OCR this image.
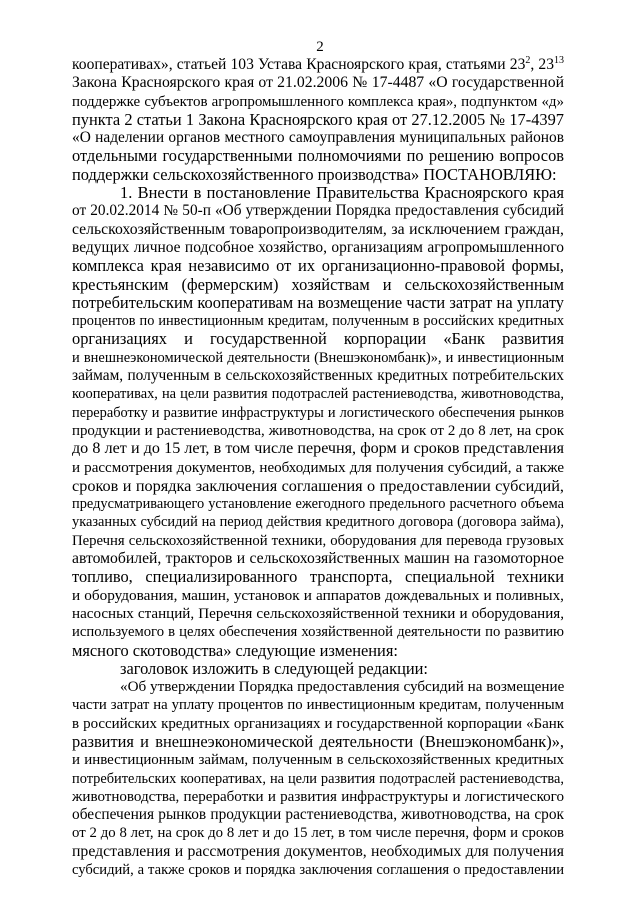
2
кооперативах», статьей 103 Устава Красноярского края, статьями $23^2$, $23^{13}$
Закона Красноярского края от 21.02.2006 № 17-4487 «О государственной
поддержке субъектов агропромышленного комплекса края», подпунктом «д»
пункта 2 статьи 1 Закона Красноярского края от 27.12.2005 № 17-4397
«О наделении органов местного самоуправления муниципальных районов
отдельными государственными полномочиями по решению вопросов
поддержки сельскохозяйственного производства» ПОСТАНОВЛЯЮ:
1. Внести в постановление Правительства Красноярского края
от 20.02.2014 № 50-п «Об утверждении Порядка предоставления субсидий
сельскохозяйственным товаропроизводителям, за исключением граждан,
ведущих личное подсобное хозяйство, организациям агропромышленного
комплекса края независимо от их организационно-правовой формы,
крестьянским (фермерским) хозяйствам и сельскохозяйственным
потребительским кооперативам на возмещение части затрат на уплату
процентов по инвестиционным кредитам, полученным в российских кредитных
организациях и государственной корпорации «Банк развития
и внешнеэкономической деятельности (Внешэкономбанк)», и инвестиционным
займам, полученным в сельскохозяйственных кредитных потребительских
кооперативах, на цели развития подотраслей растениеводства, животноводства,
переработку и развитие инфраструктуры и логистического обеспечения рынков
продукции и растениеводства, животноводства, на срок от 2 до 8 лет, на срок
до 8 лет и до 15 лет, в том числе перечня, форм и сроков представления
и рассмотрения документов, необходимых для получения субсидий, а также
сроков и порядка заключения соглашения о предоставлении субсидий,
предусматривающего установление ежегодного предельного расчетного объема
указанных субсидий на период действия кредитного договора (договора займа),
Перечня сельскохозяйственной техники, оборудования для перевода грузовых
автомобилей, тракторов и сельскохозяйственных машин на газомоторное
топливо, специализированного транспорта, специальной техники
и оборудования, машин, установок и аппаратов дождевальных и поливных,
насосных станций, Перечня сельскохозяйственной техники и оборудования,
используемого в целях обеспечения хозяйственной деятельности по развитию
мясного скотоводства» следующие изменения:
заголовок изложить в следующей редакции:
«Об утверждении Порядка предоставления субсидий на возмещение
части затрат на уплату процентов по инвестиционным кредитам, полученным
в российских кредитных организациях и государственной корпорации «Банк
развития и внешнеэкономической деятельности (Внешэкономбанк)»,
и инвестиционным займам, полученным в сельскохозяйственных кредитных
потребительских кооперативах, на цели развития подотраслей растениеводства,
животноводства, переработки и развития инфраструктуры и логистического
обеспечения рынков продукции растениеводства, животноводства, на срок
от 2 до 8 лет, на срок до 8 лет и до 15 лет, в том числе перечня, форм и сроков
представления и рассмотрения документов, необходимых для получения
субсидий, а также сроков и порядка заключения соглашения о предоставлении
